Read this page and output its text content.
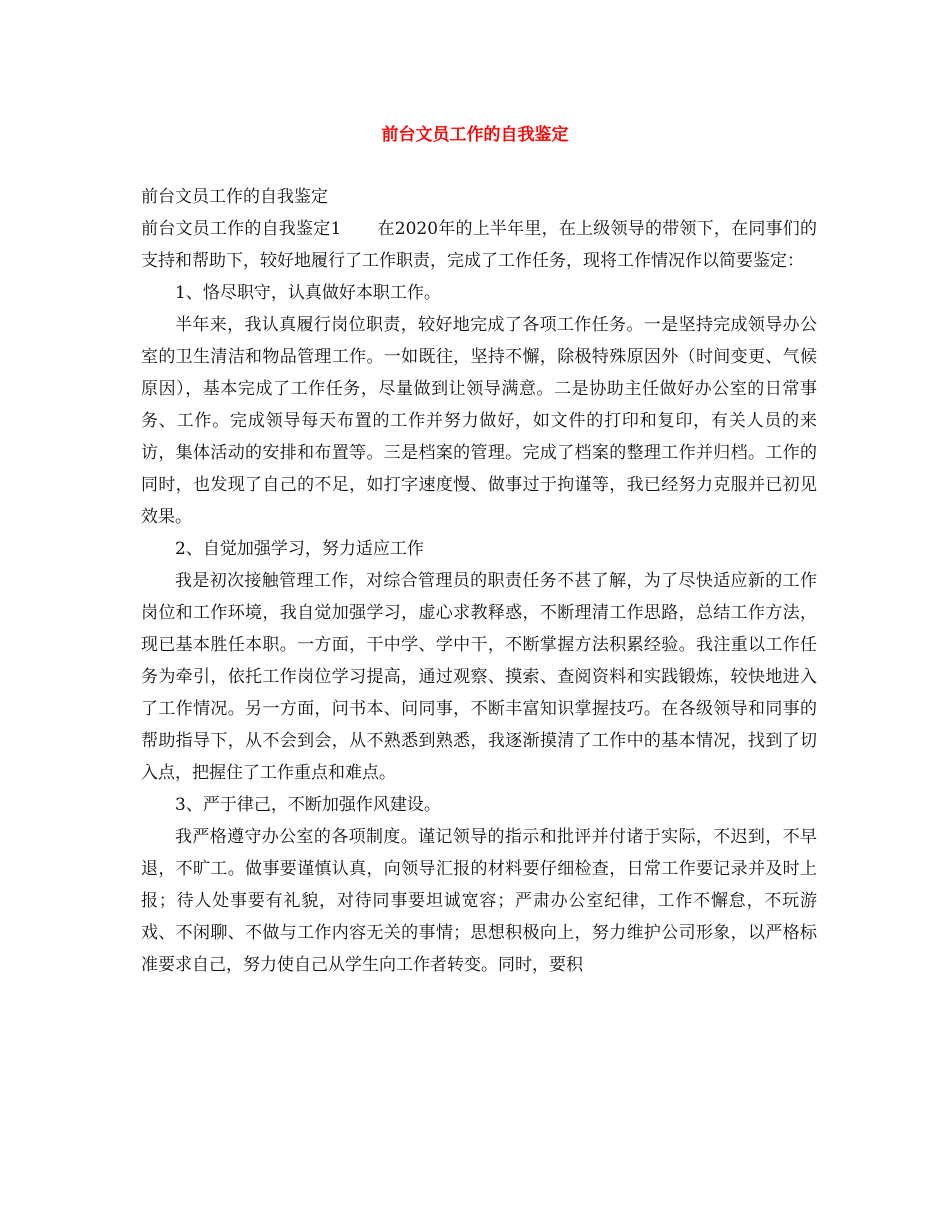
前台文员工作的自我鉴定

前台文员工作的自我鉴定

前台文员工作的自我鉴定1 在2020年的上半年里，在上级领导的带领下，在同事们的支持和帮助下，较好地履行了工作职责，完成了工作任务，现将工作情况作以简要鉴定：

1、恪尽职守，认真做好本职工作。

半年来，我认真履行岗位职责，较好地完成了各项工作任务。一是坚持完成领导办公室的卫生清洁和物品管理工作。一如既往，坚持不懈，除极特殊原因外（时间变更、气候原因），基本完成了工作任务，尽量做到让领导满意。二是协助主任做好办公室的日常事务、工作。完成领导每天布置的工作并努力做好，如文件的打印和复印，有关人员的来访，集体活动的安排和布置等。三是档案的管理。完成了档案的整理工作并归档。工作的同时，也发现了自己的不足，如打字速度慢、做事过于拘谨等，我已经努力克服并已初见效果。

2、自觉加强学习，努力适应工作

我是初次接触管理工作，对综合管理员的职责任务不甚了解，为了尽快适应新的工作岗位和工作环境，我自觉加强学习，虚心求教释惑，不断理清工作思路，总结工作方法，现已基本胜任本职。一方面，干中学、学中干，不断掌握方法积累经验。我注重以工作任务为牵引，依托工作岗位学习提高，通过观察、摸索、查阅资料和实践锻炼，较快地进入了工作情况。另一方面，问书本、问同事，不断丰富知识掌握技巧。在各级领导和同事的帮助指导下，从不会到会，从不熟悉到熟悉，我逐渐摸清了工作中的基本情况，找到了切入点，把握住了工作重点和难点。

3、严于律己，不断加强作风建设。

我严格遵守办公室的各项制度。谨记领导的指示和批评并付诸于实际，不迟到，不早退，不旷工。做事要谨慎认真，向领导汇报的材料要仔细检查，日常工作要记录并及时上报；待人处事要有礼貌，对待同事要坦诚宽容；严肃办公室纪律，工作不懈怠，不玩游戏、不闲聊、不做与工作内容无关的事情；思想积极向上，努力维护公司形象，以严格标准要求自己，努力使自己从学生向工作者转变。同时，要积
